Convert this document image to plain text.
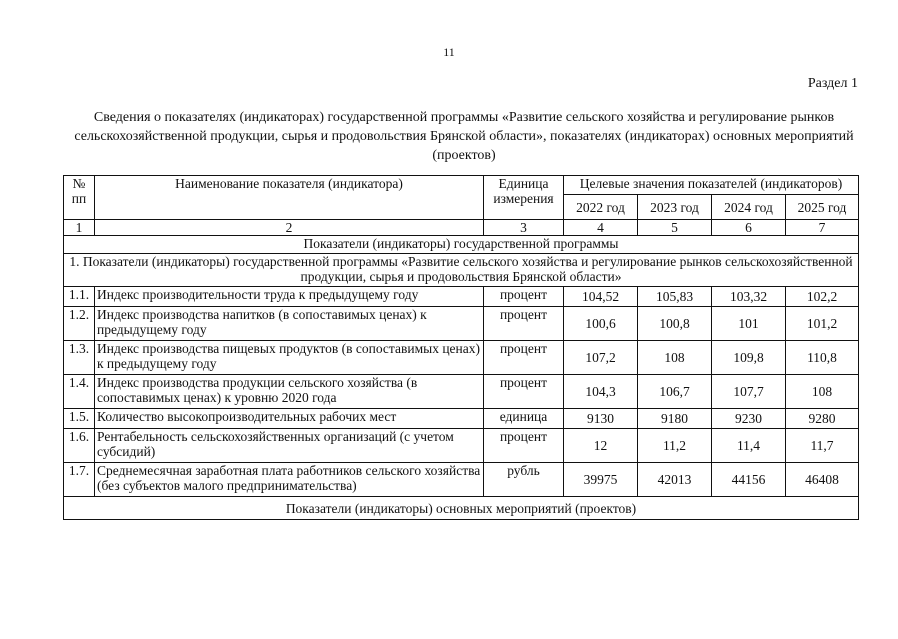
11
Раздел 1
Сведения о показателях (индикаторах) государственной программы «Развитие сельского хозяйства и регулирование рынков сельскохозяйственной продукции, сырья и продовольствия Брянской области», показателях (индикаторах) основных мероприятий (проектов)
№ пп	Наименование показателя (индикатора)	Единица измерения	Целевые значения показателей (индикаторов)			
			2022 год	2023 год	2024 год	2025 год
1	2	3	4	5	6	7
Показатели (индикаторы) государственной программы						
1. Показатели (индикаторы) государственной программы «Развитие сельского хозяйства и регулирование рынков сельскохозяйственной продукции, сырья и продовольствия Брянской области»						
1.1.	Индекс производительности труда к предыдущему году	процент	104,52	105,83	103,32	102,2
1.2.	Индекс производства напитков (в сопоставимых ценах) к предыдущему году	процент	100,6	100,8	101	101,2
1.3.	Индекс производства пищевых продуктов (в сопоставимых ценах) к предыдущему году	процент	107,2	108	109,8	110,8
1.4.	Индекс производства продукции сельского хозяйства (в сопоставимых ценах) к уровню 2020 года	процент	104,3	106,7	107,7	108
1.5.	Количество высокопроизводительных рабочих мест	единица	9130	9180	9230	9280
1.6.	Рентабельность сельскохозяйственных организаций (с учетом субсидий)	процент	12	11,2	11,4	11,7
1.7.	Среднемесячная заработная плата работников сельского хозяйства (без субъектов малого предпринимательства)	рубль	39975	42013	44156	46408
Показатели (индикаторы) основных мероприятий (проектов)						
